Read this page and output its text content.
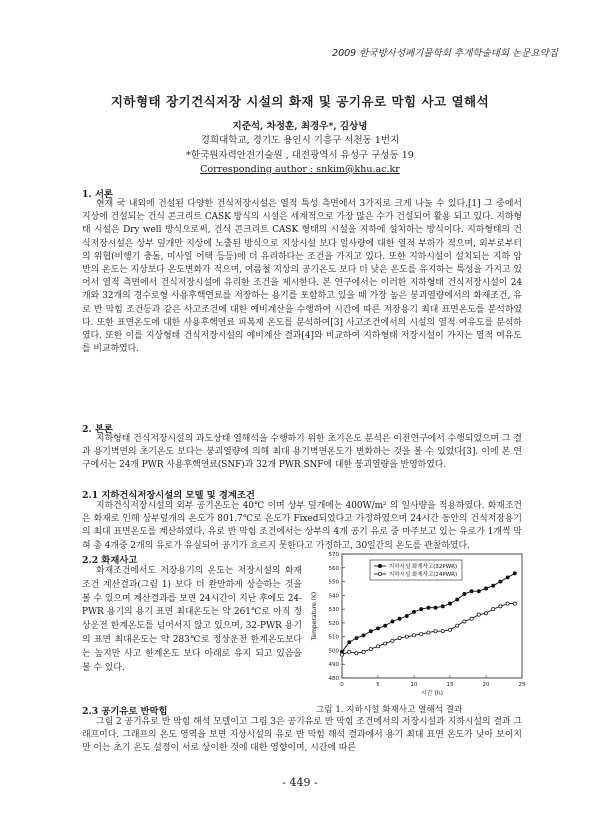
2009 한국방사성폐기물학회 추계학술대회 논문요약집
지하형태 장기건식저장 시설의 화재 및 공기유로 막힘 사고 열해석
지준석, 차정훈, 최경우*, 김상녕
경희대학교, 경기도 용인시 기흥구 서천동 1번지
*한국원자력안전기술원 , 대전광역시 유성구 구성동 19
Corresponding author : snkim@khu.ac.kr
1. 서론

현재 국 내외에 건설된 다양한 건식저장시설은 열적 특성 측면에서 3가지로 크게 나눌 수 있다.[1] 그 중에서 지상에 건설되는 건식 콘크리트 CASK 방식의 시설은 세계적으로 가장 많은 수가 건설되어 활용 되고 있다. 지하형태 시설은 Dry well 방식으로써, 건식 콘크리트 CASK 형태의 시설을 지하에 설치하는 방식이다. 지하형태의 건식저장시설은 상부 덮개만 지상에 노출된 방식으로 지상시설 보다 일사량에 대한 열적 부하가 적으며, 외부로부터의 위협(비행기 충돌, 미사일 어택 등등)에 더 유리하다는 조건을 가지고 있다. 또한 지하시설이 설치되는 지하 암반의 온도는 지상보다 온도변화가 적으며, 여름철 지상의 공기온도 보다 더 낮은 온도를 유지하는 특성을 가지고 있어서 열적 측면에서 건식저장시설에 유리한 조건을 제시한다. 본 연구에서는 이러한 지하형태 건식저장시설이 24개와 32개의 경수로형 사용후핵연료를 저장하는 용기를 포함하고 있을 때 가장 높은 붕괴열량에서의 화재조건, 유로 반 막힘 조건등과 같은 사고조건에 대한 예비계산을 수행하여 시간에 따른 저장용기 최대 표면온도를 분석하였다. 또한 표면온도에 대한 사용후핵연료 피복재 온도를 분석하여[3] 사고조건에서의 시설의 열적 여유도를 분석하였다. 또한 이를 지상형태 건식저장시설의 예비계산 결과[4]와 비교하여 지하형태 저장시설이 가지는 열적 여유도를 비교하였다.

2. 본론

지하형태 건식저장시설의 과도상태 열해석을 수행하기 위한 초기온도 분석은 이전연구에서 수행되었으며 그 결과 용기벽면의 초기온도 보다는 붕괴열량에 의해 최대 용기벽면온도가 변화하는 것을 볼 수 있었다[3]. 이에 본 연구에서는 24개 PWR 사용후핵연료(SNF)과 32개 PWR SNF에 대한 붕괴열량을 반영하였다.

2.1 지하건식저장시설의 모델 및 경계조건

지하건식저장시설의 외부 공기온도는 40℃ 이며 상부 덮개에는 400W/m² 의 일사량을 적용하였다. 화재조건은 화재로 인해 상부덮개의 온도가 801.7℃로 온도가 Fixed되었다고 가정하였으며 24시간 동안의 건식저장용기의 최대 표면온도를 계산하였다. 유로 반 막힘 조건에서는 상부의 4개 공기 유로 중 마주보고 있는 유로가 1개씩 막혀 총 4개중 2개의 유로가 유실되어 공기가 흐르지 못한다고 가정하고, 30일간의 온도를 관찰하였다.

2.2 화재사고

화재조건에서도 저장용기의 온도는 저장시설의 화재조건 계산결과(그림 1) 보다 더 완만하게 상승하는 것을 볼 수 있으며 계산결과를 보면 24시간이 지난 후에도 24-PWR 용기의 용기 표면 최대온도는 약 261℃로 아직 정상운전 한계온도를 넘어서지 않고 있으며, 32-PWR 용기의 표면 최대온도는 약 283℃로 정상운전 한계온도보다는 높지만 사고 한계온도 보다 아래로 유지 되고 있음을 볼 수 있다.

480
490
500
510
520
530
540
550
560
570
0	5	10	15	20	25
시간 (h)
Temperature (K)
지하시설 화재사고(32PWR)
지하시설 화재사고(24PWR)
그림 1. 지하시설 화재사고 열해석 결과
2.3 공기유로 반막힘

그림 2 공기유로 반 막힘 해석 모델이고 그림 3은 공기유로 반 막힘 조건에서의 저장시설과 지하시설의 결과 그래프이다. 그래프의 온도 영역을 보면 지상시설의 유로 반 막힘 해석 결과에서 용기 최대 표면 온도가 낮아 보이지만 이는 초기 온도 설정이 서로 상이한 것에 대한 영향이며, 시간에 따른

- 449 -
